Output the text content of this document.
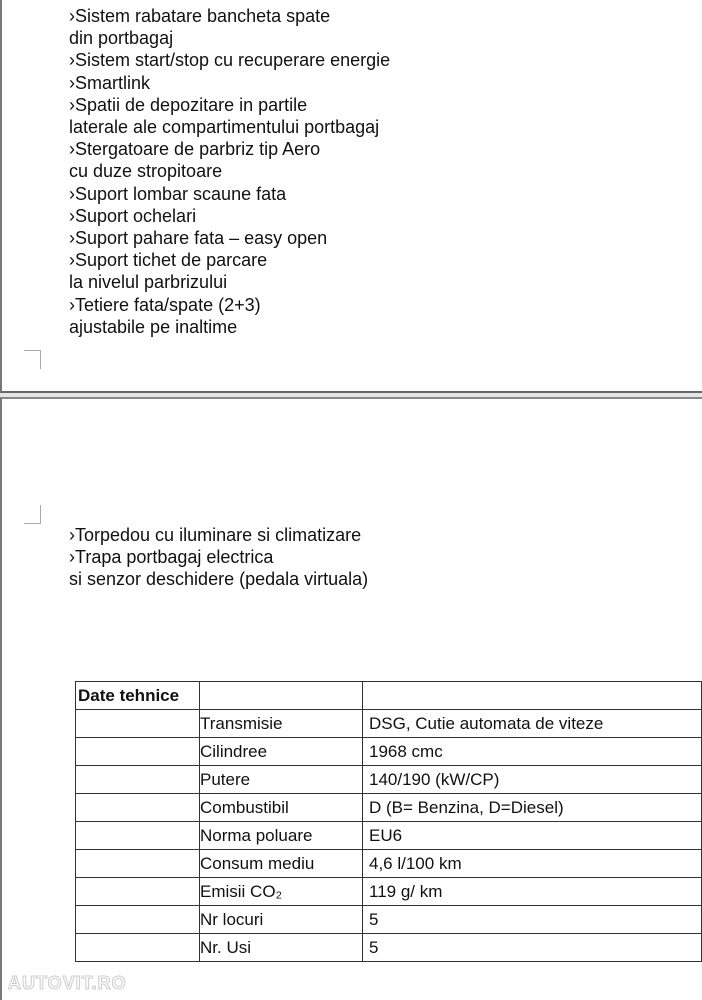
›Sistem rabatare bancheta spate
din portbagaj
›Sistem start/stop cu recuperare energie
›Smartlink
›Spatii de depozitare in partile
laterale ale compartimentului portbagaj
›Stergatoare de parbriz tip Aero
cu duze stropitoare
›Suport lombar scaune fata
›Suport ochelari
›Suport pahare fata – easy open
›Suport tichet de parcare
la nivelul parbrizului
›Tetiere fata/spate (2+3)
ajustabile pe inaltime
›Torpedou cu iluminare si climatizare
›Trapa portbagaj electrica
si senzor deschidere (pedala virtuala)
Date tehnice		
	Transmisie	DSG, Cutie automata de viteze
	Cilindree	1968 cmc
	Putere	140/190 (kW/CP)
	Combustibil	D (B= Benzina, D=Diesel)
	Norma poluare	EU6
	Consum mediu	4,6 l/100 km
	Emisii CO₂	119 g/ km
	Nr locuri	5
	Nr. Usi	5
AUTOVIT.RO
